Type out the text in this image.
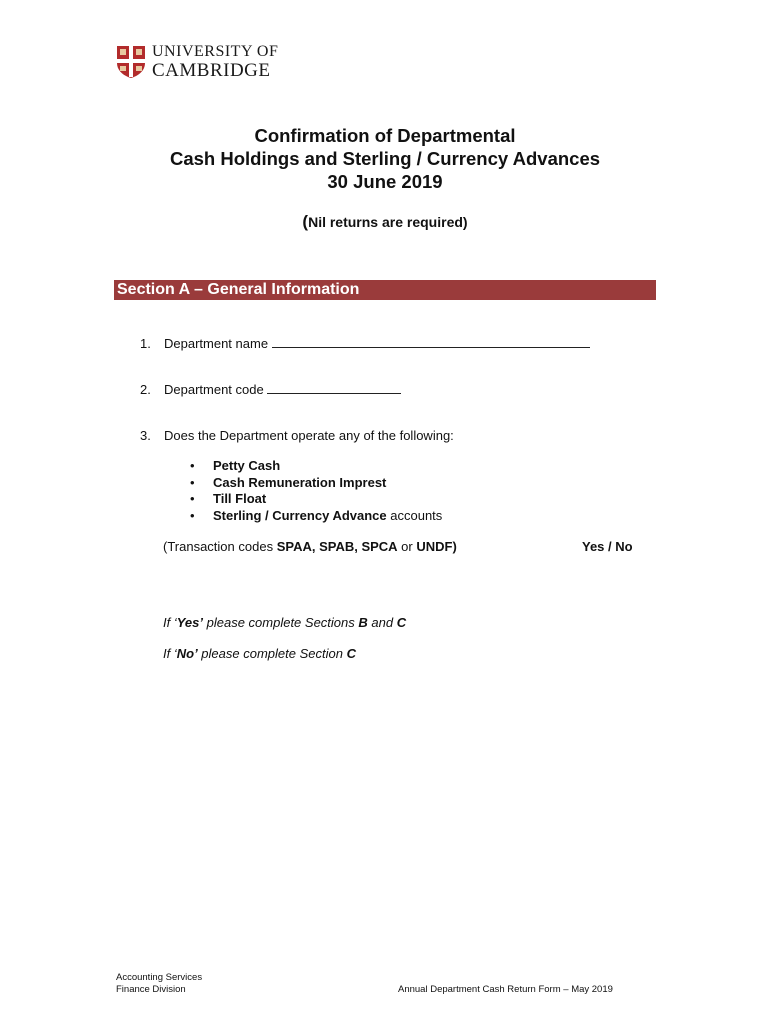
UNIVERSITY OF
CAMBRIDGE
Confirmation of Departmental
Cash Holdings and Sterling / Currency Advances
30 June 2019
(Nil returns are required)
Section A – General Information
1. Department name
2. Department code
3. Does the Department operate any of the following:
• Petty Cash
• Cash Remuneration Imprest
• Till Float
• Sterling / Currency Advance accounts
(Transaction codes SPAA, SPAB, SPCA or UNDF)	Yes / No
If ‘Yes’ please complete Sections B and C
If ‘No’ please complete Section C
Accounting Services
Finance Division	Annual Department Cash Return Form – May 2019
